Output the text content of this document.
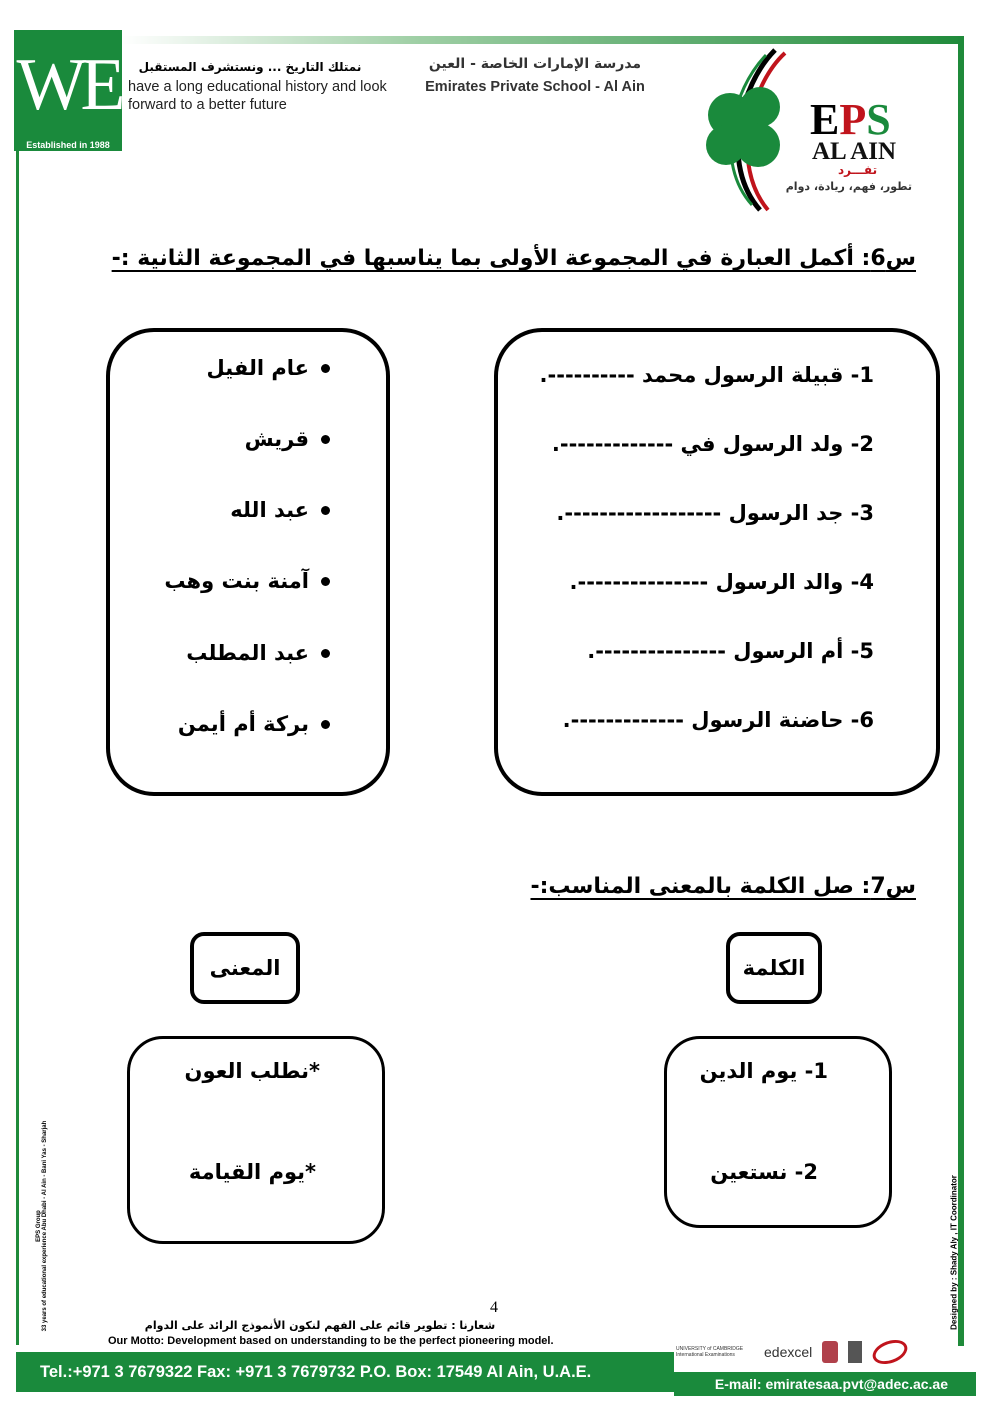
WE
Established in 1988
نمتلك التاريخ ... ونستشرف المستقبل
have a long educational history and look forward to a better future
مدرسة الإمارات الخاصة - العين
Emirates Private School - Al Ain
EPS
AL AIN
تفـــرد
تطور، فهم، ريادة، دوام
س6: أكمل العبارة في المجموعة الأولى بما يناسبها في المجموعة الثانية :-
1- قبيلة الرسول محمد ----------.
2- ولد الرسول في -------------.
3- جد الرسول ------------------.
4- والد الرسول ---------------.
5- أم الرسول ---------------.
6- حاضنة الرسول -------------.
عام الفيل
قريش
عبد الله
آمنة بنت وهب
عبد المطلب
بركة أم أيمن
س7: صل الكلمة بالمعنى المناسب:-
الكلمة
المعنى
1- يوم الدين
2- نستعين
*نطلب العون
*يوم القيامة
EPS Group 33 years of educational experience Abu Dhabi - Al Ain - Bani Yas - Sharjah	Designed by : Shady Aly , IT Coordinator
4
شعارنا : تطوير قائم على الفهم لنكون الأنموذج الرائد على الدوام
Our Motto: Development based on understanding to be the perfect pioneering model.
Tel.:+971 3 7679322 Fax: +971 3 7679732 P.O. Box: 17549 Al Ain, U.A.E.
E-mail: emiratesaa.pvt@adec.ac.ae
UNIVERSITY of CAMBRIDGE International Examinations	edexcel
